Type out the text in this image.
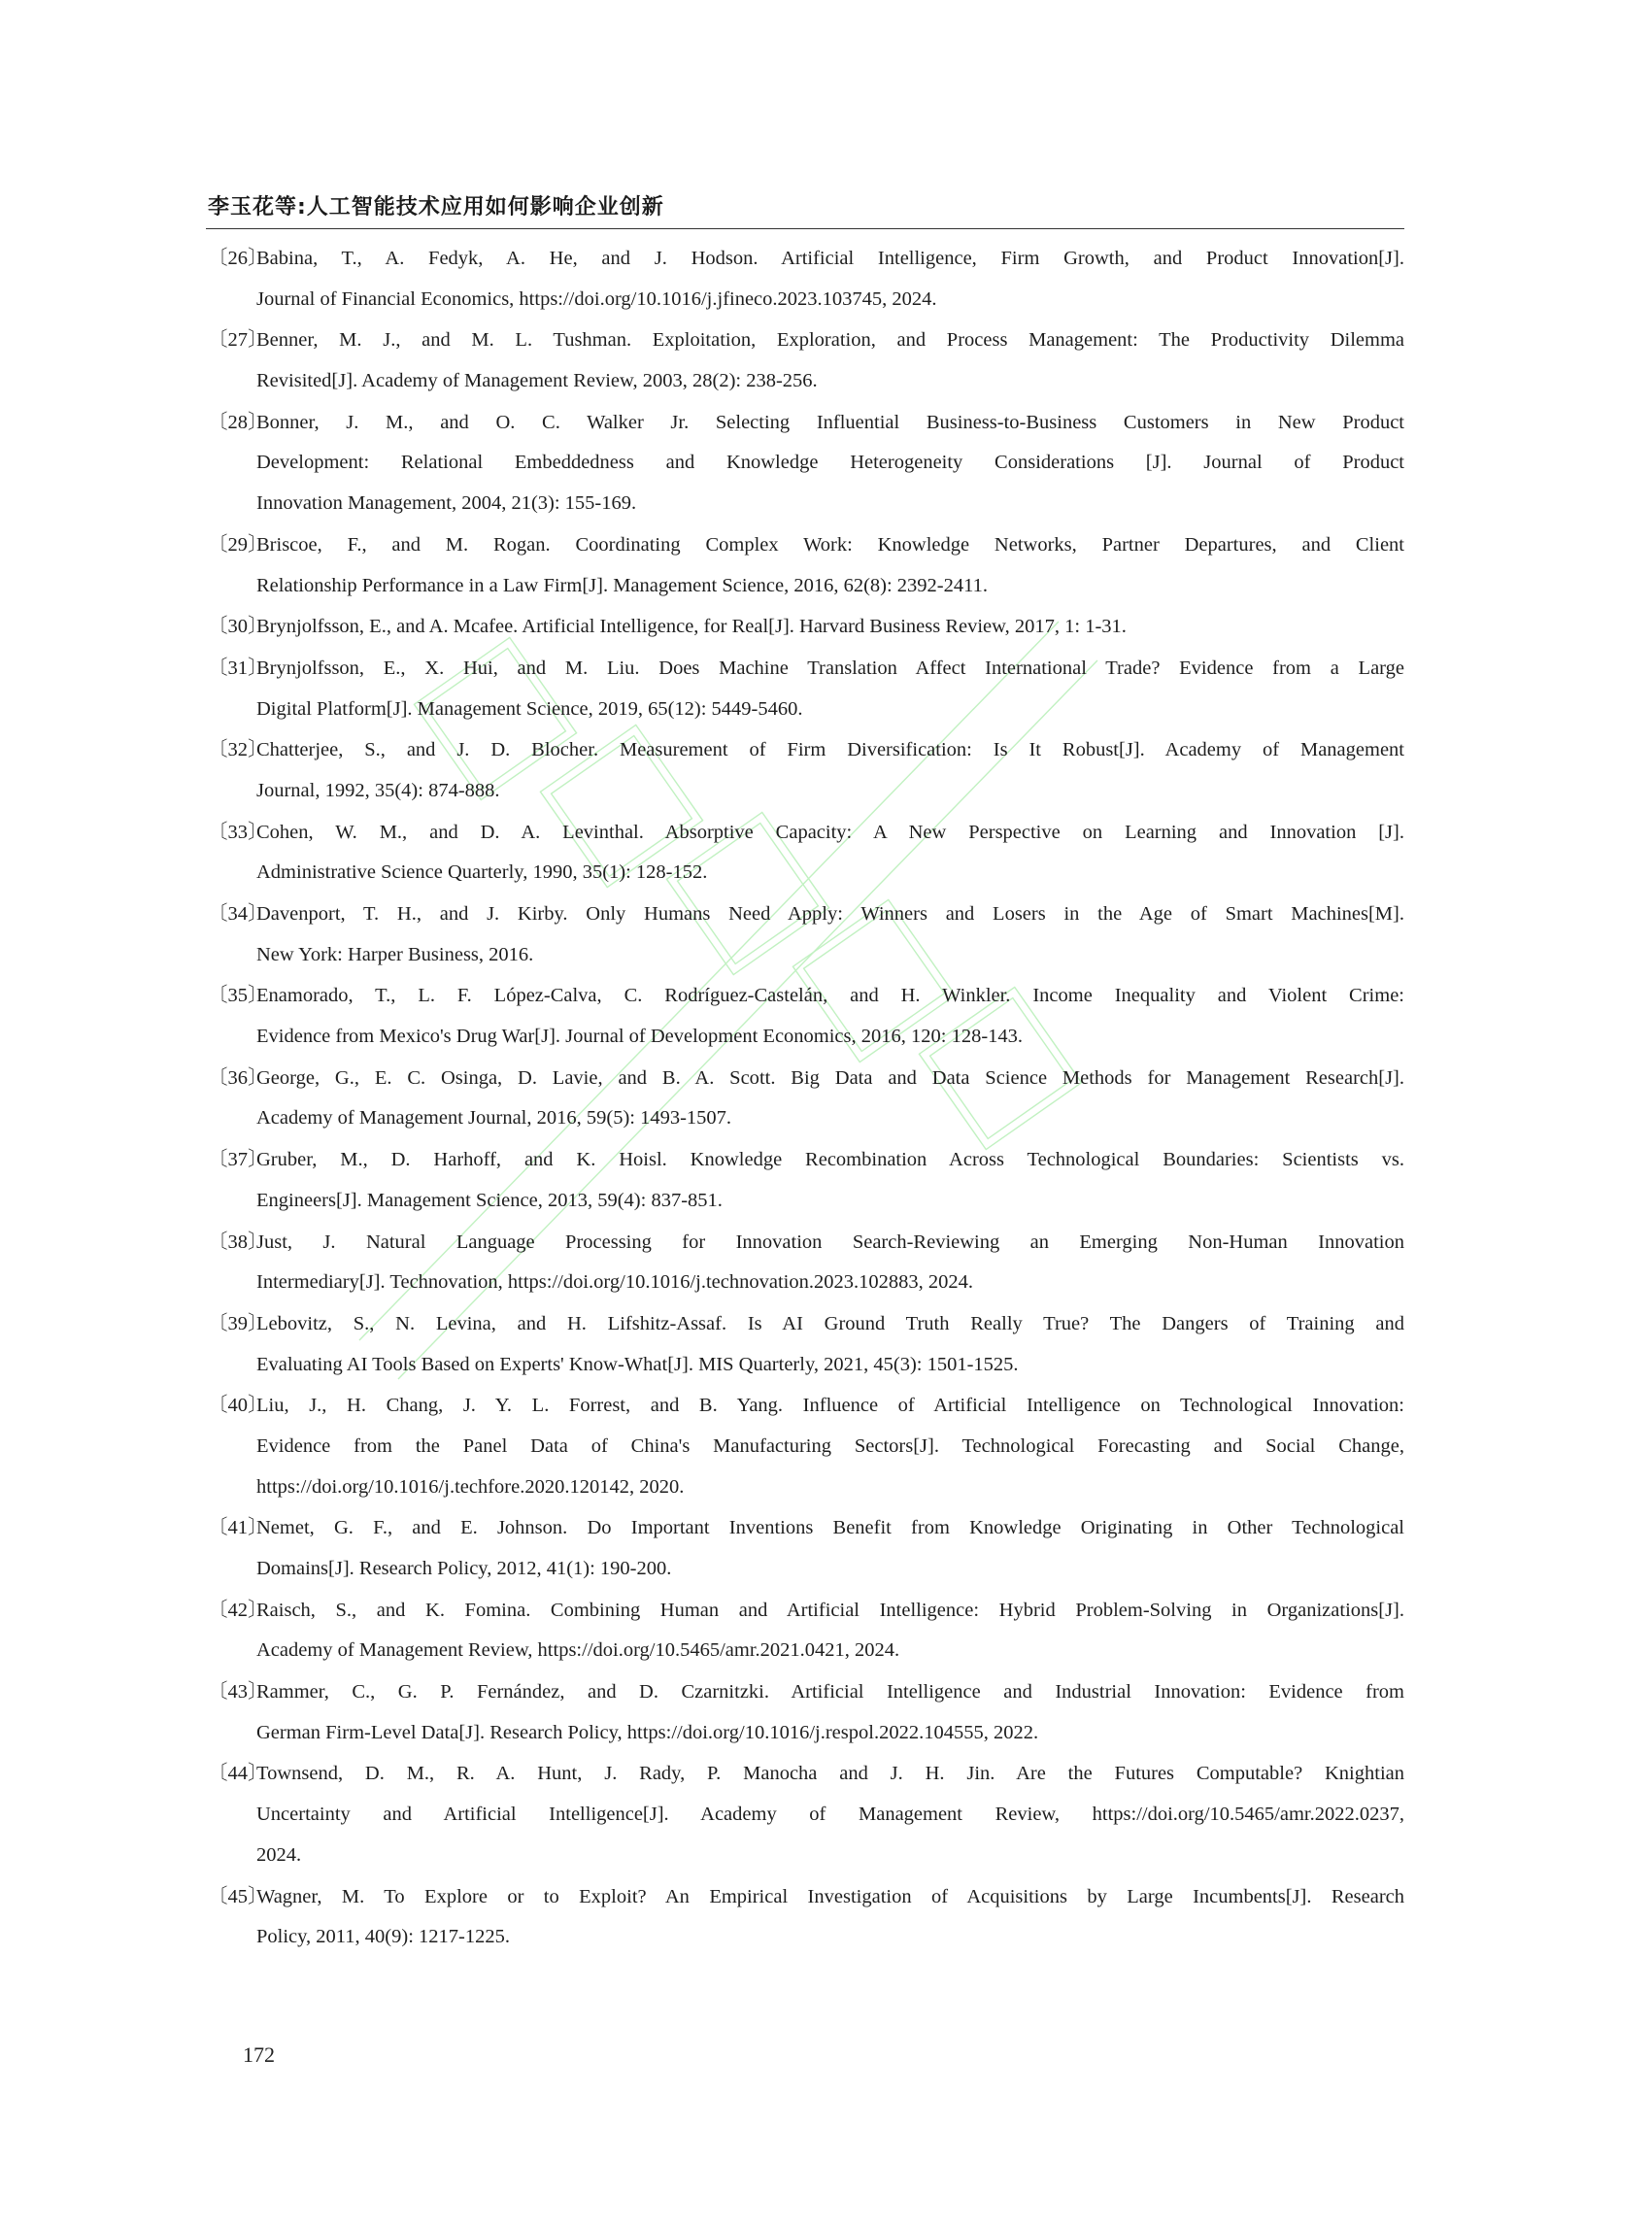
李玉花等:人工智能技术应用如何影响企业创新
〔26〕Babina, T., A. Fedyk, A. He, and J. Hodson. Artificial Intelligence, Firm Growth, and Product Innovation[J].
Journal of Financial Economics, https://doi.org/10.1016/j.jfineco.2023.103745, 2024.
〔27〕Benner, M. J., and M. L. Tushman. Exploitation, Exploration, and Process Management: The Productivity Dilemma
Revisited[J]. Academy of Management Review, 2003, 28(2): 238-256.
〔28〕Bonner, J. M., and O. C. Walker Jr. Selecting Influential Business-to-Business Customers in New Product
Development: Relational Embeddedness and Knowledge Heterogeneity Considerations [J]. Journal of Product
Innovation Management, 2004, 21(3): 155-169.
〔29〕Briscoe, F., and M. Rogan. Coordinating Complex Work: Knowledge Networks, Partner Departures, and Client
Relationship Performance in a Law Firm[J]. Management Science, 2016, 62(8): 2392-2411.
〔30〕Brynjolfsson, E., and A. Mcafee. Artificial Intelligence, for Real[J]. Harvard Business Review, 2017, 1: 1-31.
〔31〕Brynjolfsson, E., X. Hui, and M. Liu. Does Machine Translation Affect International Trade? Evidence from a Large
Digital Platform[J]. Management Science, 2019, 65(12): 5449-5460.
〔32〕Chatterjee, S., and J. D. Blocher. Measurement of Firm Diversification: Is It Robust[J]. Academy of Management
Journal, 1992, 35(4): 874-888.
〔33〕Cohen, W. M., and D. A. Levinthal. Absorptive Capacity: A New Perspective on Learning and Innovation [J].
Administrative Science Quarterly, 1990, 35(1): 128-152.
〔34〕Davenport, T. H., and J. Kirby. Only Humans Need Apply: Winners and Losers in the Age of Smart Machines[M].
New York: Harper Business, 2016.
〔35〕Enamorado, T., L. F. López-Calva, C. Rodríguez-Castelán, and H. Winkler. Income Inequality and Violent Crime:
Evidence from Mexico's Drug War[J]. Journal of Development Economics, 2016, 120: 128-143.
〔36〕George, G., E. C. Osinga, D. Lavie, and B. A. Scott. Big Data and Data Science Methods for Management Research[J].
Academy of Management Journal, 2016, 59(5): 1493-1507.
〔37〕Gruber, M., D. Harhoff, and K. Hoisl. Knowledge Recombination Across Technological Boundaries: Scientists vs.
Engineers[J]. Management Science, 2013, 59(4): 837-851.
〔38〕Just, J. Natural Language Processing for Innovation Search-Reviewing an Emerging Non-Human Innovation
Intermediary[J]. Technovation, https://doi.org/10.1016/j.technovation.2023.102883, 2024.
〔39〕Lebovitz, S., N. Levina, and H. Lifshitz-Assaf. Is AI Ground Truth Really True? The Dangers of Training and
Evaluating AI Tools Based on Experts' Know-What[J]. MIS Quarterly, 2021, 45(3): 1501-1525.
〔40〕Liu, J., H. Chang, J. Y. L. Forrest, and B. Yang. Influence of Artificial Intelligence on Technological Innovation:
Evidence from the Panel Data of China's Manufacturing Sectors[J]. Technological Forecasting and Social Change,
https://doi.org/10.1016/j.techfore.2020.120142, 2020.
〔41〕Nemet, G. F., and E. Johnson. Do Important Inventions Benefit from Knowledge Originating in Other Technological
Domains[J]. Research Policy, 2012, 41(1): 190-200.
〔42〕Raisch, S., and K. Fomina. Combining Human and Artificial Intelligence: Hybrid Problem-Solving in Organizations[J].
Academy of Management Review, https://doi.org/10.5465/amr.2021.0421, 2024.
〔43〕Rammer, C., G. P. Fernández, and D. Czarnitzki. Artificial Intelligence and Industrial Innovation: Evidence from
German Firm-Level Data[J]. Research Policy, https://doi.org/10.1016/j.respol.2022.104555, 2022.
〔44〕Townsend, D. M., R. A. Hunt, J. Rady, P. Manocha and J. H. Jin. Are the Futures Computable? Knightian
Uncertainty and Artificial Intelligence[J]. Academy of Management Review, https://doi.org/10.5465/amr.2022.0237,
2024.
〔45〕Wagner, M. To Explore or to Exploit? An Empirical Investigation of Acquisitions by Large Incumbents[J]. Research
Policy, 2011, 40(9): 1217-1225.
172
